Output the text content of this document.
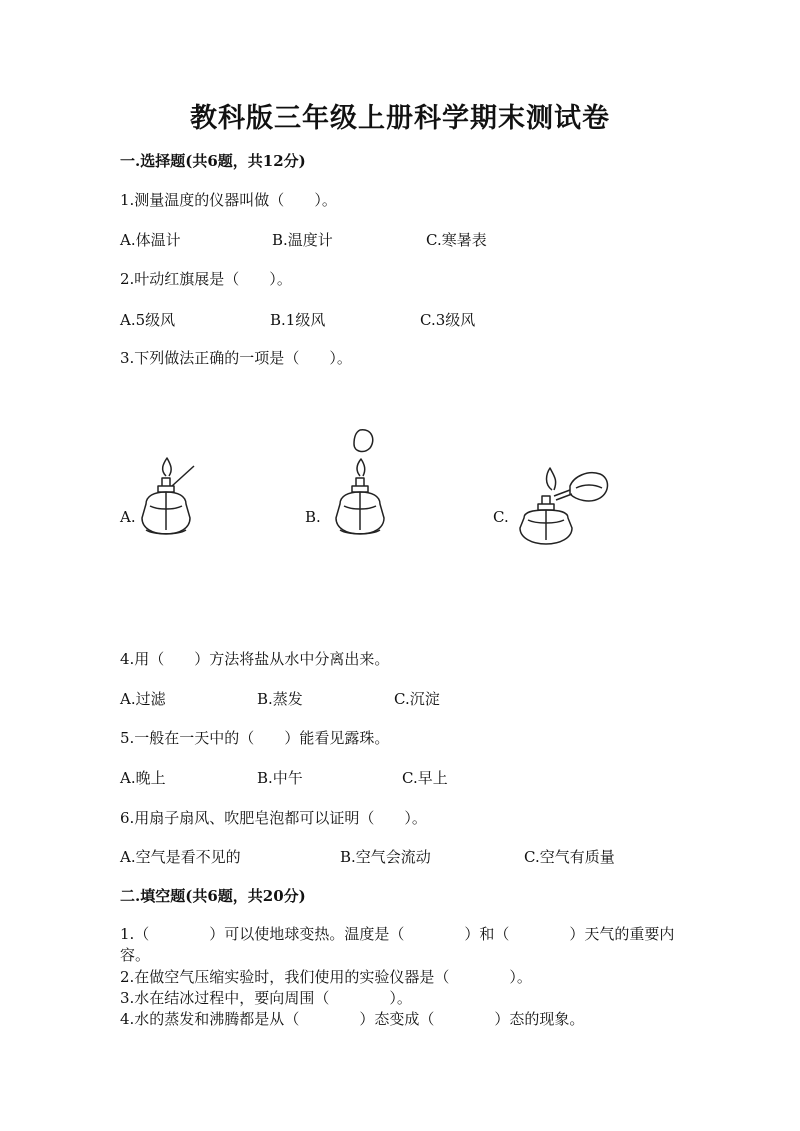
教科版三年级上册科学期末测试卷
一.选择题(共6题，共12分)
1.测量温度的仪器叫做（　　）。
A.体温计	B.温度计	C.寒暑表
2.叶动红旗展是（　　）。
A.5级风	B.1级风	C.3级风
3.下列做法正确的一项是（　　）。
A.	B.	C.
4.用（　　）方法将盐从水中分离出来。
A.过滤	B.蒸发	C.沉淀
5.一般在一天中的（　　）能看见露珠。
A.晚上	B.中午	C.早上
6.用扇子扇风、吹肥皂泡都可以证明（　　）。
A.空气是看不见的	B.空气会流动	C.空气有质量
二.填空题(共6题，共20分)
1.（　　　　）可以使地球变热。温度是（　　　　）和（　　　　）天气的重要内容。
2.在做空气压缩实验时，我们使用的实验仪器是（　　　　）。
3.水在结冰过程中，要向周围（　　　　）。
4.水的蒸发和沸腾都是从（　　　　）态变成（　　　　）态的现象。
